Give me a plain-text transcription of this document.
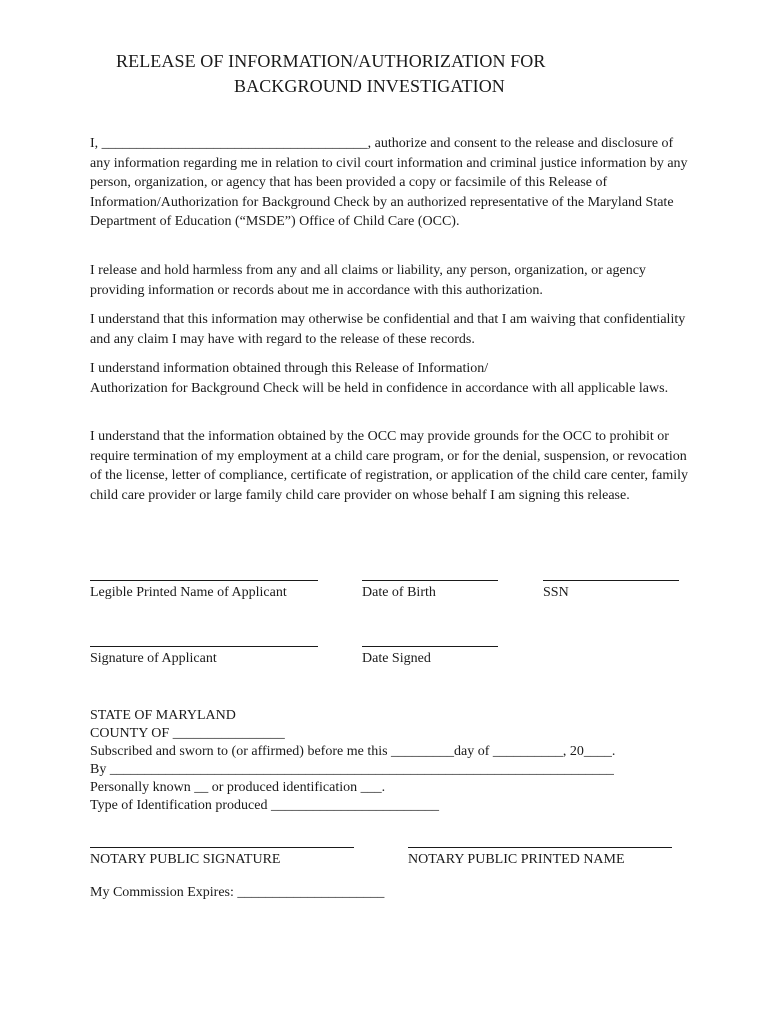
RELEASE OF INFORMATION/AUTHORIZATION FOR
BACKGROUND INVESTIGATION

I, ______________________________________, authorize and consent to the release and disclosure of any information regarding me in relation to civil court information and criminal justice information by any person, organization, or agency that has been provided a copy or facsimile of this Release of Information/Authorization for Background Check by an authorized representative of the Maryland State Department of Education (“MSDE”) Office of Child Care (OCC).

I release and hold harmless from any and all claims or liability, any person, organization, or agency providing information or records about me in accordance with this authorization.

I understand that this information may otherwise be confidential and that I am waiving that confidentiality and any claim I may have with regard to the release of these records.

I understand information obtained through this Release of Information/
Authorization for Background Check will be held in confidence in accordance with all applicable laws.

I understand that the information obtained by the OCC may provide grounds for the OCC to prohibit or require termination of my employment at a child care program, or for the denial, suspension, or revocation of the license, letter of compliance, certificate of registration, or application of the child care center, family child care provider or large family child care provider on whose behalf I am signing this release.

Legible Printed Name of Applicant	Date of Birth	SSN
Signature of Applicant	Date Signed
STATE OF MARYLAND
COUNTY OF ________________
Subscribed and sworn to (or affirmed) before me this _________day of __________, 20____.
By ________________________________________________________________________
Personally known __ or produced identification ___.
Type of Identification produced ________________________
NOTARY PUBLIC SIGNATURE	NOTARY PUBLIC PRINTED NAME
My Commission Expires: _____________________
